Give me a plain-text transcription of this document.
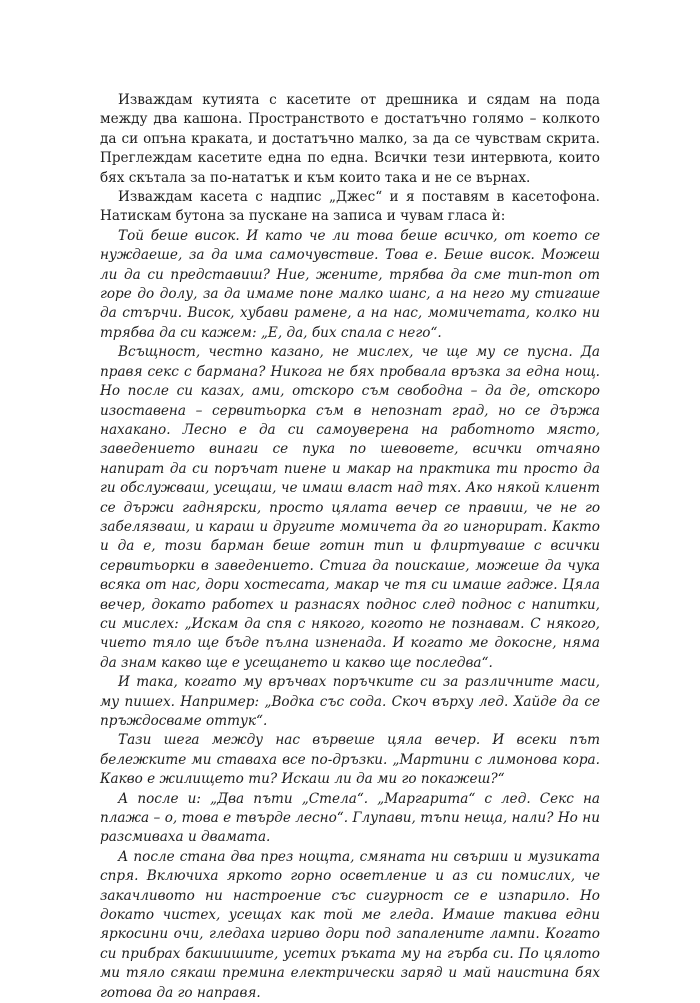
Изваждам кутията с касетите от дрешника и сядам на пода между два кашона. Пространството е достатъчно голямо – колкото да си опъна краката, и достатъчно малко, за да се чувствам скрита. Преглеждам касетите една по една. Всички тези интервюта, които бях скътала за по-нататък и към които така и не се върнах.

Изваждам касета с надпис „Джес“ и я поставям в касетофона. Натискам бутона за пускане на записа и чувам гласа ѝ:

Той беше висок. И като че ли това беше всичко, от което се нуждаеше, за да има самочувствие. Това е. Беше висок. Можеш ли да си представиш? Ние, жените, трябва да сме тип-топ от горе до долу, за да имаме поне малко шанс, а на него му стигаше да стърчи. Висок, хубави рамене, а на нас, момичетата, колко ни трябва да си кажем: „Е, да, бих спала с него“.

Всъщност, честно казано, не мислех, че ще му се пусна. Да правя секс с бармана? Никога не бях пробвала връзка за една нощ. Но после си казах, ами, отскоро съм свободна – да де, отскоро изоставена – сервитьорка съм в непознат град, но се държа нахакано. Лесно е да си самоуверена на работното място, заведението винаги се пука по шевовете, всички отчаяно напират да си поръчат пиене и макар на практика ти просто да ги обслужваш, усещаш, че имаш власт над тях. Ако някой клиент се държи гаднярски, просто цялата вечер се правиш, че не го забелязваш, и караш и другите момичета да го игнорират. Както и да е, този барман беше готин тип и флиртуваше с всички сервитьорки в заведението. Стига да поискаше, можеше да чука всяка от нас, дори хостесата, макар че тя си имаше гадже. Цяла вечер, докато работех и разнасях поднос след поднос с напитки, си мислех: „Искам да спя с някого, когото не познавам. С някого, чието тяло ще бъде пълна изненада. И когато ме докосне, няма да знам какво ще е усещането и какво ще последва“.

И така, когато му връчвах поръчките си за различните маси, му пишех. Например: „Водка със сода. Скоч върху лед. Хайде да се пръждосваме оттук“.

Тази шега между нас вървеше цяла вечер. И всеки път бележките ми ставаха все по-дръзки. „Мартини с лимонова кора. Какво е жилището ти? Искаш ли да ми го покажеш?“

А после и: „Два пъти „Стела“. „Маргарита“ с лед. Секс на плажа – о, това е твърде лесно“. Глупави, тъпи неща, нали? Но ни разсмиваха и двамата.

А после стана два през нощта, смяната ни свърши и музиката спря. Включиха яркото горно осветление и аз си помислих, че закачливото ни настроение със сигурност се е изпарило. Но докато чистех, усещах как той ме гледа. Имаше такива едни яркосини очи, гледаха игриво дори под запалените лампи. Когато си прибрах бакшишите, усетих ръката му на гърба си. По цялото ми тяло сякаш премина електрически заряд и май наистина бях готова да го направя.
